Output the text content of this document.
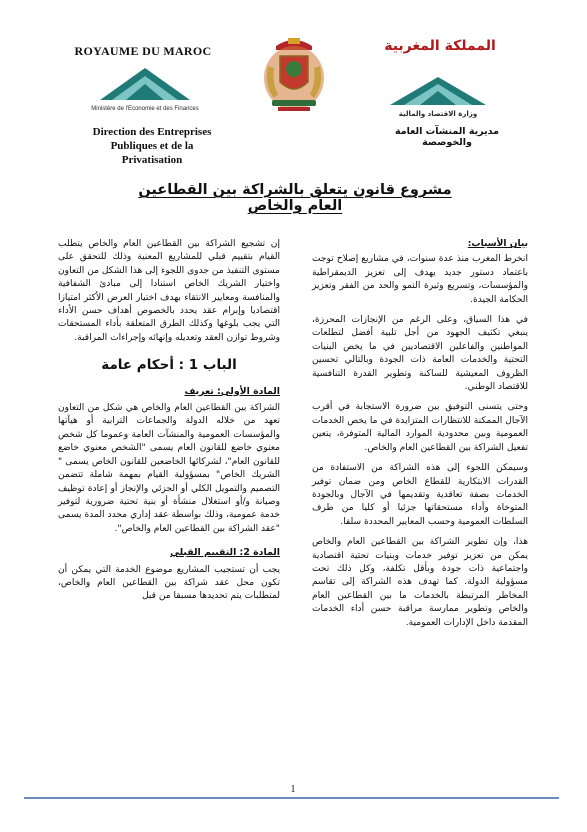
ROYAUME DU MAROC	المملكة المغربية
Ministère de l'Economie et des Finances
وزارة الاقتصاد والمالية
Direction des Entreprises Publiques et de la Privatisation
مديرية المنشآت العامة والخوصصة
مشروع قانون يتعلق بالشراكة بين القطاعين العام والخاص

بيان الأسباب:

انخرط المغرب منذ عدة سنوات، في مشاريع إصلاح توجت باعتماد دستور جديد يهدف إلى تعزيز الديمقراطية والمؤسسات، وتسريع وثيرة النمو والحد من الفقر وتعزيز الحكامة الجيدة.

في هذا السياق، وعلى الرغم من الإنجازات المحرزة، ينبغي تكثيف الجهود من أجل تلبية أفضل لتطلعات المواطنين والفاعلين الاقتصاديين في ما يخص البنيات التحتية والخدمات العامة ذات الجودة وبالتالي تحسين الظروف المعيشية للساكنة وتطوير القدرة التنافسية للاقتصاد الوطني.

وحتى يتسنى التوفيق بين ضرورة الاستجابة في أقرب الآجال الممكنة للانتظارات المتزايدة في ما يخص الخدمات العمومية وبين محدودية الموارد المالية المتوفرة، يتعين تفعيل الشراكة بين القطاعين العام والخاص.

وسيمكن اللجوء إلى هذه الشراكة من الاستفادة من القدرات الابتكارية للقطاع الخاص ومن ضمان توفير الخدمات بصفة تعاقدية وتقديمها في الآجال وبالجودة المتوخاة وأداء مستحقاتها جزئيا أو كليا من طرف السلطات العمومية وحسب المعايير المحددة سلفا.

هذا، وإن تطوير الشراكة بين القطاعين العام والخاص يمكن من تعزيز توفير خدمات وبنيات تحتية اقتصادية واجتماعية ذات جودة وبأقل تكلفة، وكل ذلك تحت مسؤولية الدولة. كما تهدف هذه الشراكة إلى تقاسم المخاطر المرتبطة بالخدمات ما بين القطاعين العام والخاص وتطوير ممارسة مراقبة حسن أداء الخدمات المقدمة داخل الإدارات العمومية.

إن تشجيع الشراكة بين القطاعين العام والخاص يتطلب القيام بتقييم قبلي للمشاريع المعنية وذلك للتحقق على مستوى التنفيذ من جدوى اللجوء إلى هذا الشكل من التعاون واختيار الشريك الخاص استنادا إلى مبادئ الشفافية والمنافسة ومعايير الانتقاء بهدف اختيار العرض الأكثر امتيازا اقتصاديا وإبرام عقد يحدد بالخصوص أهداف حسن الأداء التي يجب بلوغها وكذلك الطرق المتعلقة بأداء المستحقات وشروط توازن العقد وتعديله وإنهائه وإجراءات المراقبة.

الباب 1 : أحكام عامة
المادة الأولى: تعريف

الشراكة بين القطاعين العام والخاص هي شكل من التعاون تعهد من خلاله الدولة والجماعات الترابية أو هيآتها والمؤسسات العمومية والمنشآت العامة وعموما كل شخص معنوي خاضع للقانون العام يسمى "الشخص معنوي خاضع للقانون العام"، لشركائها الخاضعين للقانون الخاص يسمى " الشريك الخاص" بمسؤولية القيام بمهمة شاملة تتضمن التصميم والتمويل الكلي أو الجزئي والإنجاز أو إعادة توظيف وصيانة و/أو استغلال منشأة أو بنية تحتية ضرورية لتوفير خدمة عمومية، وذلك بواسطة عقد إداري محدد المدة يسمى "عقد الشراكة بين القطاعين العام والخاص".

المادة 2: التقييم القبلي

يجب أن تستجيب المشاريع موضوع الخدمة التي يمكن أن تكون محل عقد شراكة بين القطاعين العام والخاص، لمتطلبات يتم تحديدها مسبقا من قبل

1
